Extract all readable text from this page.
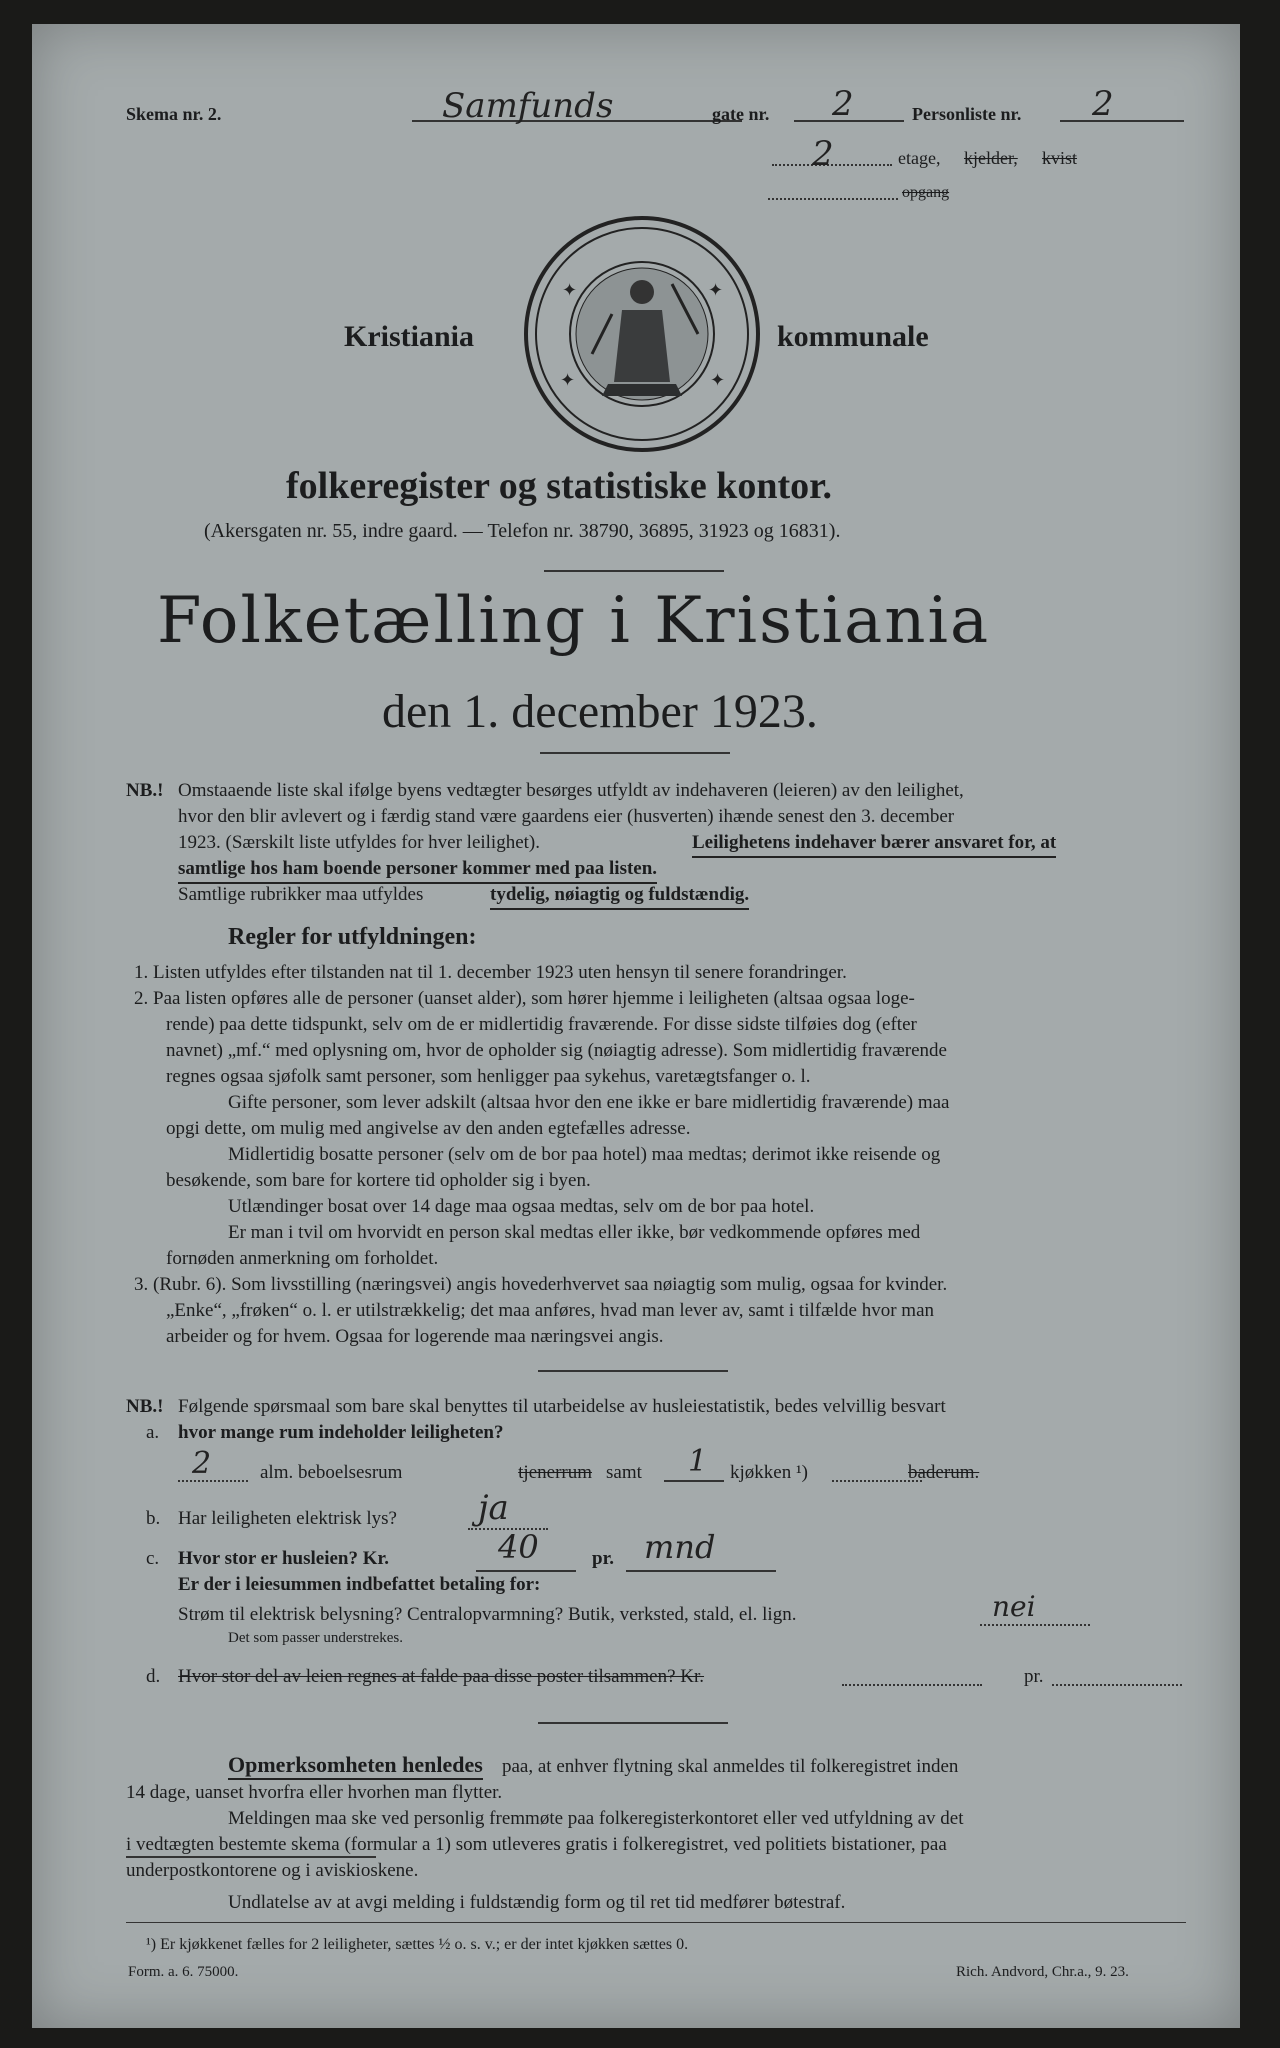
Skema nr. 2.	Samfunds	gate nr. 2	Personliste nr. 2
2	etage, kjelder, kvist
opgang
Kristiania
✦	✦
✦	✦
kommunale
folkeregister og statistiske kontor.
(Akersgaten nr. 55, indre gaard. — Telefon nr. 38790, 36895, 31923 og 16831).
Folketælling i Kristiania
den 1. december 1923.
NB.! Omstaaende liste skal ifølge byens vedtægter besørges utfyldt av indehaveren (leieren) av den leilighet,
hvor den blir avlevert og i færdig stand være gaardens eier (husverten) ihænde senest den 3. december
1923. (Særskilt liste utfyldes for hver leilighet).	Leilighetens indehaver bærer ansvaret for, at
samtlige hos ham boende personer kommer med paa listen.
Samtlige rubrikker maa utfyldes	tydelig, nøiagtig og fuldstændig.
Regler for utfyldningen:
1. Listen utfyldes efter tilstanden nat til 1. december 1923 uten hensyn til senere forandringer.
2. Paa listen opføres alle de personer (uanset alder), som hører hjemme i leiligheten (altsaa ogsaa loge-
rende) paa dette tidspunkt, selv om de er midlertidig fraværende. For disse sidste tilføies dog (efter
navnet) „mf.“ med oplysning om, hvor de opholder sig (nøiagtig adresse). Som midlertidig fraværende
regnes ogsaa sjøfolk samt personer, som henligger paa sykehus, varetægtsfanger o. l.
Gifte personer, som lever adskilt (altsaa hvor den ene ikke er bare midlertidig fraværende) maa
opgi dette, om mulig med angivelse av den anden egtefælles adresse.
Midlertidig bosatte personer (selv om de bor paa hotel) maa medtas; derimot ikke reisende og
besøkende, som bare for kortere tid opholder sig i byen.
Utlændinger bosat over 14 dage maa ogsaa medtas, selv om de bor paa hotel.
Er man i tvil om hvorvidt en person skal medtas eller ikke, bør vedkommende opføres med
fornøden anmerkning om forholdet.
3. (Rubr. 6). Som livsstilling (næringsvei) angis hovederhvervet saa nøiagtig som mulig, ogsaa for kvinder.
„Enke“, „frøken“ o. l. er utilstrækkelig; det maa anføres, hvad man lever av, samt i tilfælde hvor man
arbeider og for hvem. Ogsaa for logerende maa næringsvei angis.
NB.! Følgende spørsmaal som bare skal benyttes til utarbeidelse av husleiestatistik, bedes velvillig besvart
a. hvor mange rum indeholder leiligheten?
2	alm. beboelsesrum	tjenerrum samt 1 kjøkken ¹)	baderum.
b. Har leiligheten elektrisk lys? ja
c. Hvor stor er husleien? Kr.	40	pr. mnd
Er der i leiesummen indbefattet betaling for:
Strøm til elektrisk belysning? Centralopvarmning? Butik, verksted, stald, el. lign.	nei
Det som passer understrekes.
d. Hvor stor del av leien regnes at falde paa disse poster tilsammen? Kr.	pr.
Opmerksomheten henledes paa, at enhver flytning skal anmeldes til folkeregistret inden
14 dage, uanset hvorfra eller hvorhen man flytter.
Meldingen maa ske ved personlig fremmøte paa folkeregisterkontoret eller ved utfyldning av det
i vedtægten bestemte skema (formular a 1) som utleveres gratis i folkeregistret, ved politiets bistationer, paa
underpostkontorene og i aviskioskene.
Undlatelse av at avgi melding i fuldstændig form og til ret tid medfører bøtestraf.
¹) Er kjøkkenet fælles for 2 leiligheter, sættes ½ o. s. v.; er der intet kjøkken sættes 0.
Form. a. 6. 75000.	Rich. Andvord, Chr.a., 9. 23.
